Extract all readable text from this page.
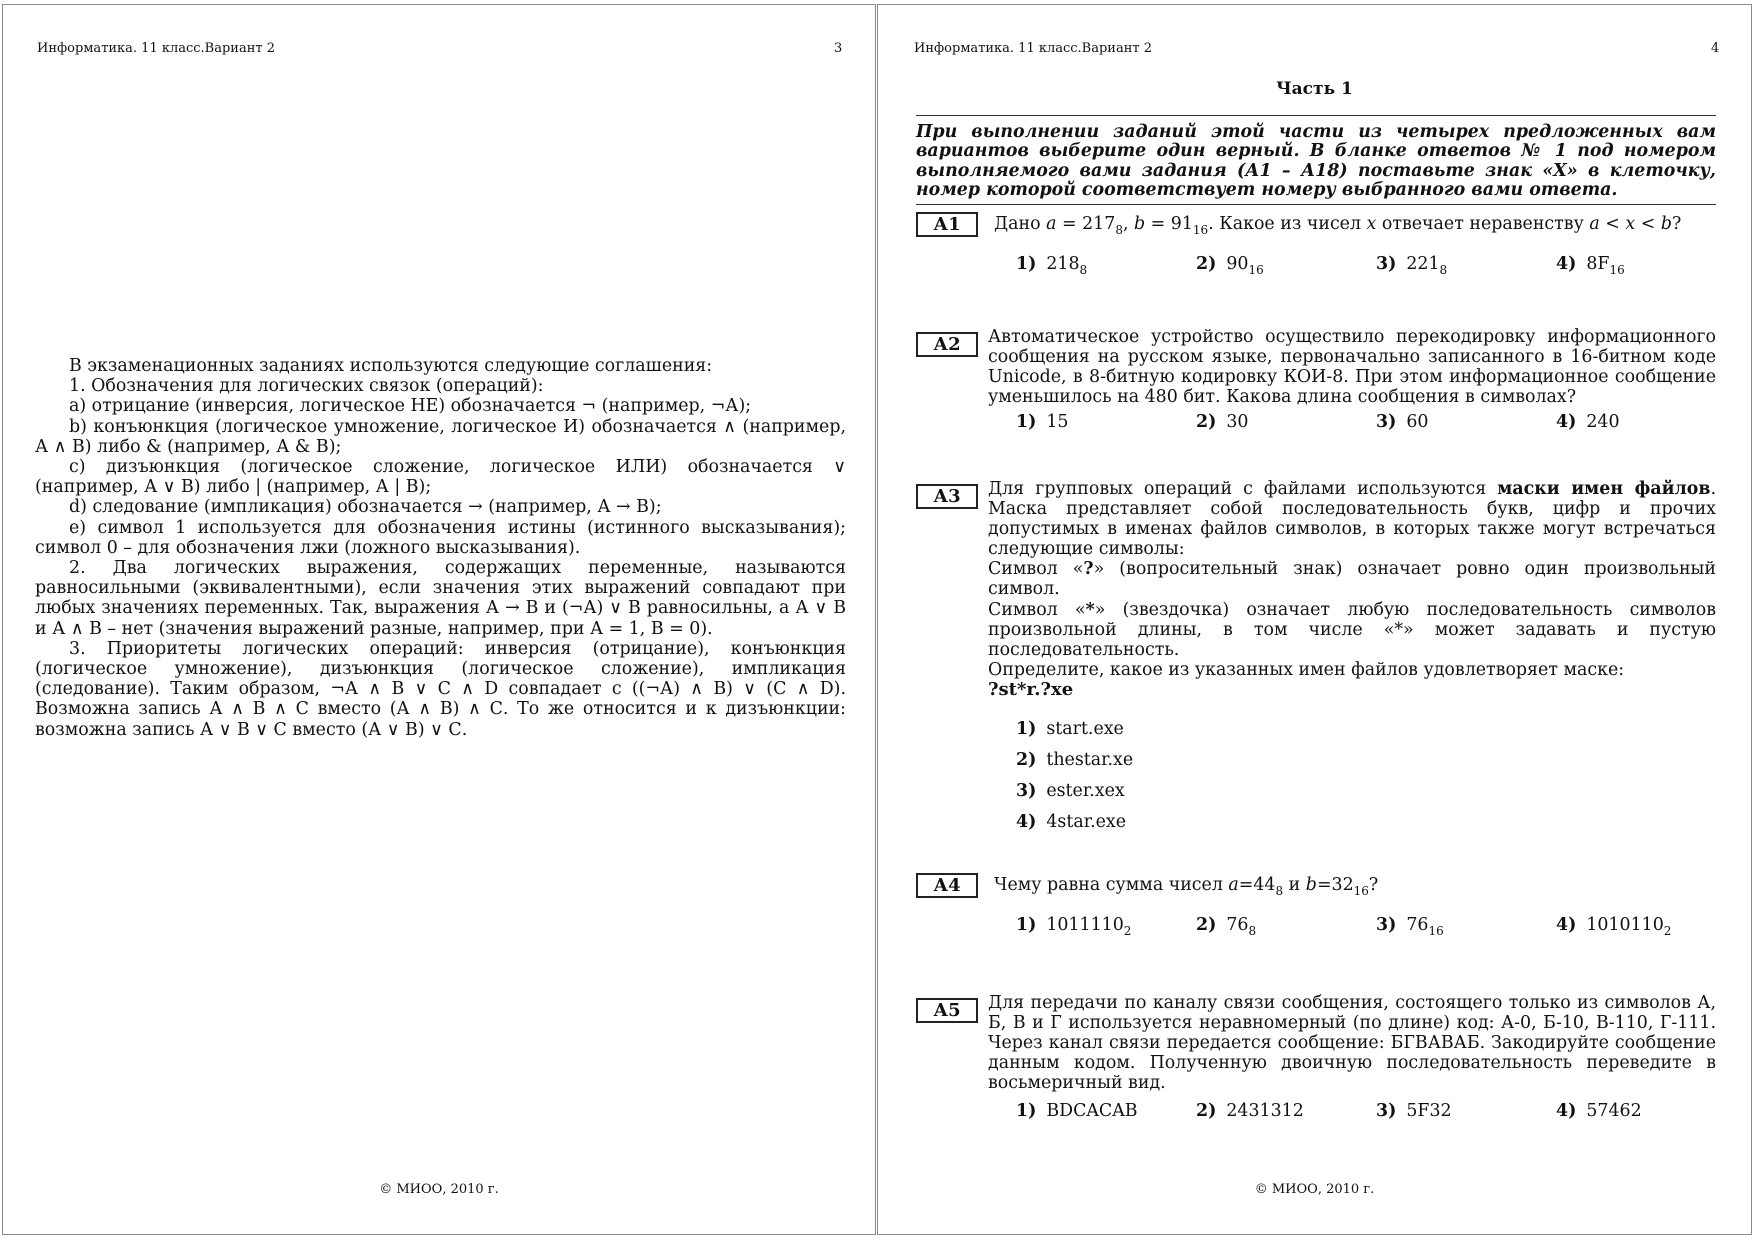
Информатика. 11 класс.Вариант 2	3

В экзаменационных заданиях используются следующие соглашения:

1. Обозначения для логических связок (операций):

a) отрицание (инверсия, логическое НЕ) обозначается ¬ (например, ¬А);

b) конъюнкция (логическое умножение, логическое И) обозначается ∧ (например, А ∧ В) либо & (например, А & В);

c) дизъюнкция (логическое сложение, логическое ИЛИ) обозначается ∨ (например, А ∨ В) либо | (например, А | В);

d) следование (импликация) обозначается → (например, А → В);

e) символ 1 используется для обозначения истины (истинного высказывания); символ 0 – для обозначения лжи (ложного высказывания).

2. Два логических выражения, содержащих переменные, называются равносильными (эквивалентными), если значения этих выражений совпадают при любых значениях переменных. Так, выражения А → В и (¬А) ∨ В равносильны, а А ∨ В и А ∧ В – нет (значения выражений разные, например, при А = 1, В = 0).

3. Приоритеты логических операций: инверсия (отрицание), конъюнкция (логическое умножение), дизъюнкция (логическое сложение), импликация (следование). Таким образом, ¬А ∧ В ∨ С ∧ D совпадает с ((¬А) ∧ В) ∨ (С ∧ D). Возможна запись А ∧ В ∧ С вместо (А ∧ В) ∧ С. То же относится и к дизъюнкции: возможна запись А ∨ В ∨ С вместо (А ∨ В) ∨ С.

© МИОО, 2010 г.
Информатика. 11 класс.Вариант 2	4
Часть 1
При выполнении заданий этой части из четырех предложенных вам вариантов выберите один верный. В бланке ответов № 1 под номером выполняемого вами задания (А1 – А18) поставьте знак «Х» в клеточку, номер которой соответствует номеру выбранного вами ответа.
А1	Дано $a = 217_8$, $b = 91_{16}$. Какое из чисел x отвечает неравенству a < x < b?
1) $218_8$	2) $90_{16}$	3) $221_8$	4) $8F_{16}$
А2	Автоматическое устройство осуществило перекодировку информационного сообщения на русском языке, первоначально записанного в 16-битном коде Unicode, в 8-битную кодировку КОИ-8. При этом информационное сообщение уменьшилось на 480 бит. Какова длина сообщения в символах?
1) 15	2) 30	3) 60	4) 240
А3	Для групповых операций с файлами используются маски имен файлов. Маска представляет собой последовательность букв, цифр и прочих допустимых в именах файлов символов, в которых также могут встречаться следующие символы:

Символ «?» (вопросительный знак) означает ровно один произвольный символ.

Символ «*» (звездочка) означает любую последовательность символов произвольной длины, в том числе «*» может задавать и пустую последовательность.

Определите, какое из указанных имен файлов удовлетворяет маске:

?st*r.?xe

1) start.exe
2) thestar.xe
3) ester.xex
4) 4star.exe
А4	Чему равна сумма чисел $a=44_8$ и $b=32_{16}$?
1) $1011110_2$	2) $76_8$	3) $76_{16}$	4) $1010110_2$
А5	Для передачи по каналу связи сообщения, состоящего только из символов А, Б, В и Г используется неравномерный (по длине) код: А-0, Б-10, В-110, Г-111. Через канал связи передается сообщение: БГВАВАБ. Закодируйте сообщение данным кодом. Полученную двоичную последовательность переведите в восьмеричный вид.
1) BDCACAB	2) 2431312	3) 5F32	4) 57462
© МИОО, 2010 г.
